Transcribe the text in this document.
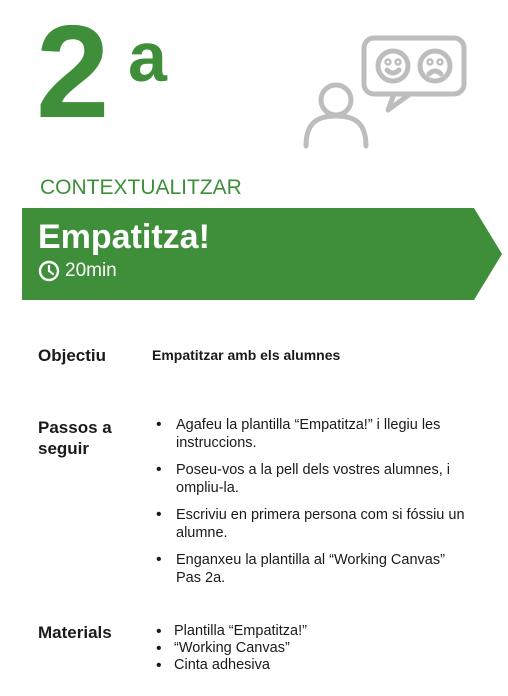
2 a
CONTEXTUALITZAR
Empatitza!
20min
Objectiu	Empatitzar amb els alumnes
Passos a
seguir
• Agafeu la plantilla “Empatitza!” i llegiu les instruccions.
• Poseu-vos a la pell dels vostres alumnes, i ompliu-la.
• Escriviu en primera persona com si fóssiu un alumne.
• Enganxeu la plantilla al “Working Canvas” Pas 2a.
Materials
•	Plantilla “Empatitza!”
• “Working Canvas”
• Cinta adhesiva
